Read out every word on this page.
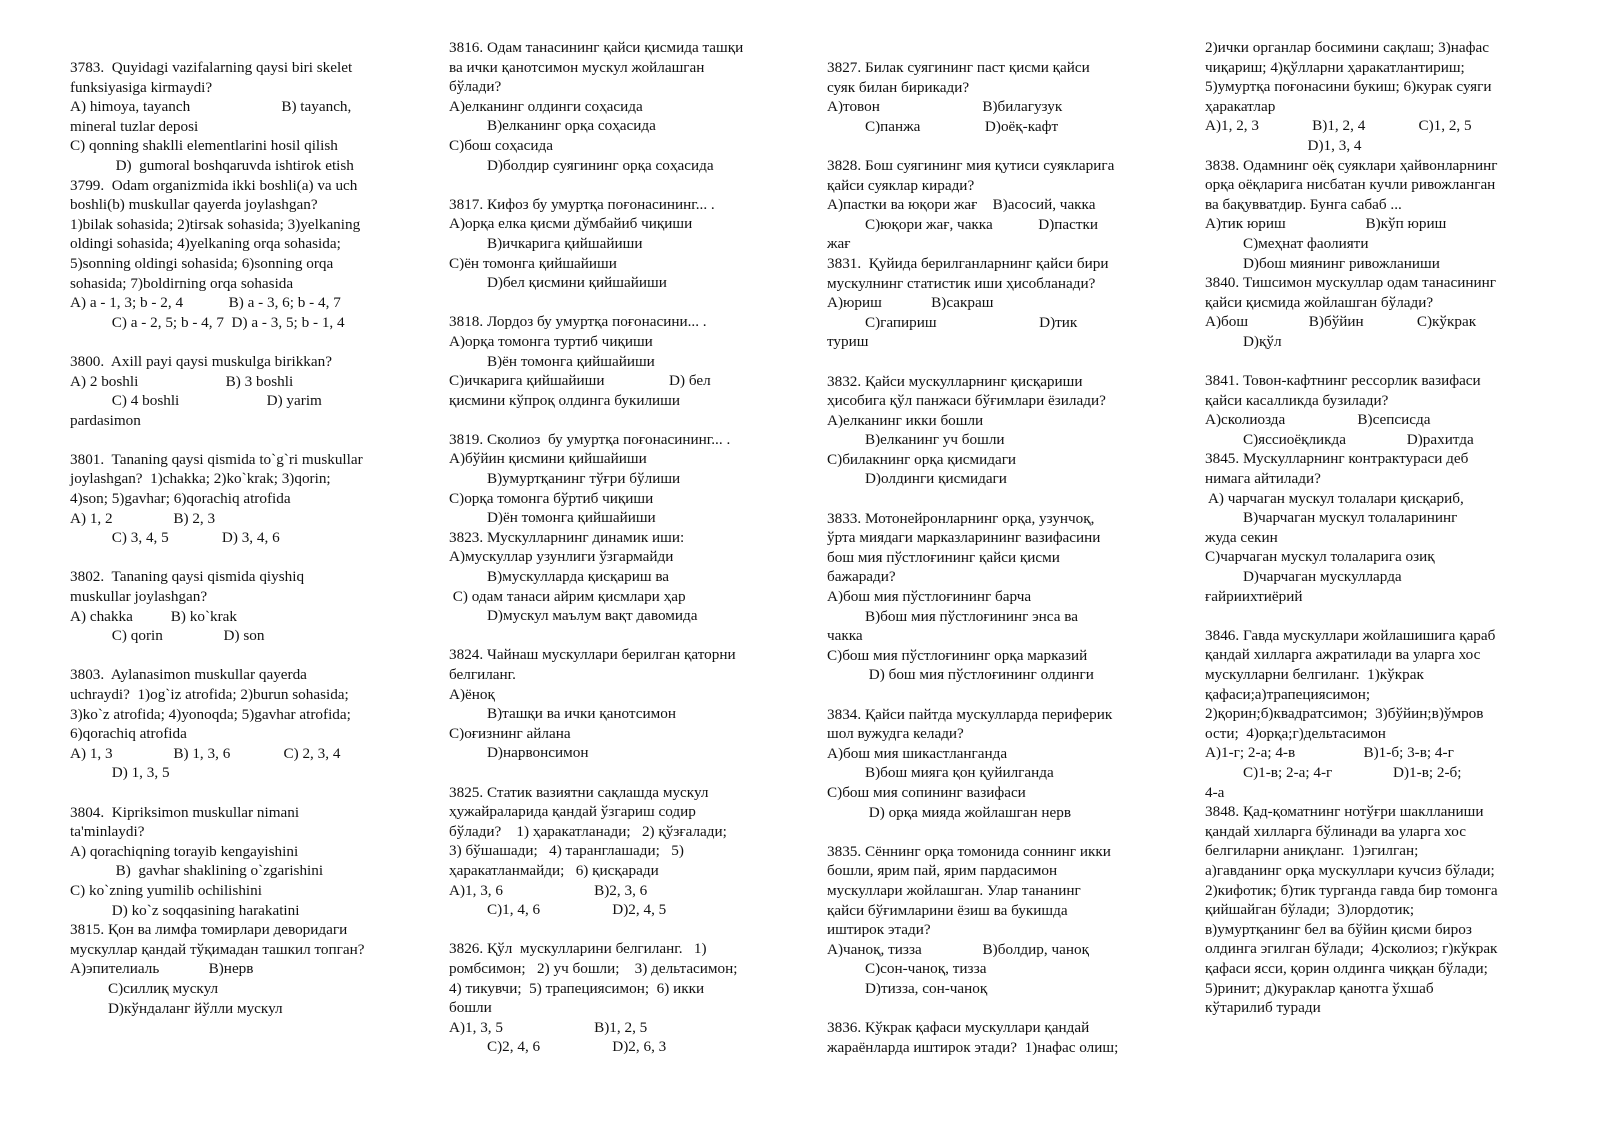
3783.  Quyidagi vazifalarning qaysi biri skelet
funksiyasiga kirmaydi?
A) himoya, tayanch                        B) tayanch,
mineral tuzlar deposi
C) qonning shaklli elementlarini hosil qilish
D)  gumoral boshqaruvda ishtirok etish
3799.  Odam organizmida ikki boshli(a) va uch
boshli(b) muskullar qayerda joylashgan?
1)bilak sohasida; 2)tirsak sohasida; 3)yelkaning
oldingi sohasida; 4)yelkaning orqa sohasida;
5)sonning oldingi sohasida; 6)sonning orqa
sohasida; 7)boldirning orqa sohasida
A) a - 1, 3; b - 2, 4            B) a - 3, 6; b - 4, 7
C) a - 2, 5; b - 4, 7  D) a - 3, 5; b - 1, 4
3800.  Axill payi qaysi muskulga birikkan?
A) 2 boshli                       B) 3 boshli
C) 4 boshli                       D) yarim
pardasimon
3801.  Tananing qaysi qismida to`g`ri muskullar
joylashgan?  1)chakka; 2)ko`krak; 3)qorin;
4)son; 5)gavhar; 6)qorachiq atrofida
A) 1, 2                B) 2, 3
C) 3, 4, 5              D) 3, 4, 6
3802.  Tananing qaysi qismida qiyshiq
muskullar joylashgan?
A) chakka          B) ko`krak
C) qorin                D) son
3803.  Aylanasimon muskullar qayerda
uchraydi?  1)og`iz atrofida; 2)burun sohasida;
3)ko`z atrofida; 4)yonoqda; 5)gavhar atrofida;
6)qorachiq atrofida
A) 1, 3                B) 1, 3, 6              C) 2, 3, 4
D) 1, 3, 5
3804.  Kipriksimon muskullar nimani
ta'minlaydi?
A) qorachiqning torayib kengayishini
B)  gavhar shaklining o`zgarishini
C) ko`zning yumilib ochilishini
D) ko`z soqqasining harakatini
3815. Қон ва лимфа томирлари деворидаги
мускуллар қандай тўқимадан ташкил топган?
A)эпителиаль             B)нерв
C)силлиқ мускул
D)кўндаланг йўлли мускул
3816. Одам танасининг қайси қисмида ташқи
ва ички қанотсимон мускул жойлашган
бўлади?
A)елканинг олдинги соҳасида
B)елканинг орқа соҳасида
C)бош соҳасида
D)болдир суягининг орқа соҳасида
3817. Кифоз бу умуртқа поғонасининг... .
A)орқа елка қисми дўмбайиб чиқиши
B)ичкарига қийшайиши
C)ён томонга қийшайиши
D)бел қисмини қийшайиши
3818. Лордоз бу умуртқа поғонасини... .
A)орқа томонга туртиб чиқиши
B)ён томонга қийшайиши
C)ичкарига қийшайиши                 D) бел
қисмини кўпроқ олдинга букилиши
3819. Сколиоз  бу умуртқа поғонасининг... .
A)бўйин қисмини қийшайиши
B)умуртқанинг тўғри бўлиши
C)орқа томонга бўртиб чиқиши
D)ён томонга қийшайиши
3823. Мускулларнинг динамик иши:
A)мускуллар узунлиги ўзгармайди
B)мускулларда қисқариш ва
C) одам танаси айрим қисмлари ҳар
D)мускул маълум вақт давомида
3824. Чайнаш мускуллари берилган қаторни
белгиланг.
A)ёноқ
B)ташқи ва ички қанотсимон
C)оғизнинг айлана
D)нарвонсимон
3825. Статик вазиятни сақлашда мускул
ҳужайраларида қандай ўзгариш содир
бўлади?    1) ҳаракатланади;   2) қўзғалади;
3) бўшашади;   4) таранглашади;   5)
ҳаракатланмайди;   6) қисқаради
A)1, 3, 6                        B)2, 3, 6
C)1, 4, 6                   D)2, 4, 5
3826. Қўл  мускулларини белгиланг.   1)
ромбсимон;   2) уч бошли;    3) дельтасимон;
4) тикувчи;  5) трапециясимон;  6) икки
бошли
A)1, 3, 5                        B)1, 2, 5
C)2, 4, 6                   D)2, 6, 3
3827. Билак суягининг паст қисми қайси
суяк билан бирикади?
A)товон                           B)билагузук
C)панжа                 D)оёқ-кафт
3828. Бош суягининг мия қутиси суякларига
қайси суяклар киради?
A)пастки ва юқори жағ    B)асосий, чакка
C)юқори жағ, чакка            D)пастки
жағ
3831.  Қуйида берилганларнинг қайси бири
мускулнинг статистик иши ҳисобланади?
A)юриш             B)сакраш
C)гапириш                           D)тик
туриш
3832. Қайси мускулларнинг қисқариши
ҳисобига қўл панжаси бўғимлари ёзилади?
A)елканинг икки бошли
B)елканинг уч бошли
C)билакнинг орқа қисмидаги
D)олдинги қисмидаги
3833. Мотонейронларнинг орқа, узунчоқ,
ўрта миядаги марказларининг вазифасини
бош мия пўстлоғининг қайси қисми
бажаради?
A)бош мия пўстлоғининг барча
B)бош мия пўстлоғининг энса ва
чакка
C)бош мия пўстлоғининг орқа марказий
D) бош мия пўстлоғининг олдинги
3834. Қайси пайтда мускулларда периферик
шол вужудга келади?
A)бош мия шикастланганда
B)бош мияга қон қуйилганда
C)бош мия сопининг вазифаси
D) орқа мияда жойлашган нерв
3835. Сённинг орқа томонида соннинг икки
бошли, ярим пай, ярим пардасимон
мускуллари жойлашган. Улар тананинг
қайси бўғимларини ёзиш ва букишда
иштирок этади?
A)чаноқ, тизза                B)болдир, чаноқ
C)сон-чаноқ, тизза
D)тизза, сон-чаноқ
3836. Кўкрак қафаси мускуллари қандай
жараёнларда иштирок этади?  1)нафас олиш;
2)ички органлар босимини сақлаш; 3)нафас
чиқариш; 4)қўлларни ҳаракатлантириш;
5)умуртқа поғонасини букиш; 6)курак суяги
ҳаракатлар
A)1, 2, 3              B)1, 2, 4              C)1, 2, 5
D)1, 3, 4
3838. Одамнинг оёқ суяклари ҳайвонларнинг
орқа оёқларига нисбатан кучли ривожланган
ва бақувватдир. Бунга сабаб ...
A)тик юриш                     B)кўп юриш
C)меҳнат фаолияти
D)бош миянинг ривожланиши
3840. Тишсимон мускуллар одам танасининг
қайси қисмида жойлашган бўлади?
A)бош                B)бўйин              C)кўкрак
D)қўл
3841. Товон-кафтнинг рессорлик вазифаси
қайси касалликда бузилади?
A)сколиозда                   B)сепсисда
C)яссиоёқликда                D)рахитда
3845. Мускулларнинг контрактураси деб
нимага айтилади?
A) чарчаган мускул толалари қисқариб,
B)чарчаган мускул толаларининг
жуда секин
C)чарчаган мускул толаларига озиқ
D)чарчаган мускулларда
ғайриихтиёрий
3846. Гавда мускуллари жойлашишига қараб
қандай хилларга ажратилади ва уларга хос
мускулларни белгиланг.  1)кўкрак
қафаси;а)трапециясимон;
2)қорин;б)квадратсимон;  3)бўйин;в)ўмров
ости;  4)орқа;г)дельтасимон
A)1-г; 2-а; 4-в                  B)1-б; 3-в; 4-г
C)1-в; 2-а; 4-г                D)1-в; 2-б;
4-а
3848. Қад-қоматнинг нотўғри шаклланиши
қандай хилларга бўлинади ва уларга хос
белгиларни аниқланг.  1)эгилган;
а)гавданинг орқа мускуллари кучсиз бўлади;
2)кифотик; б)тик турганда гавда бир томонга
қийшайган бўлади;  3)лордотик;
в)умуртқанинг бел ва бўйин қисми бироз
олдинга эгилган бўлади;  4)сколиоз; г)кўкрак
қафаси ясси, қорин олдинга чиққан бўлади;
5)ринит; д)кураклар қанотга ўхшаб
кўтарилиб туради
